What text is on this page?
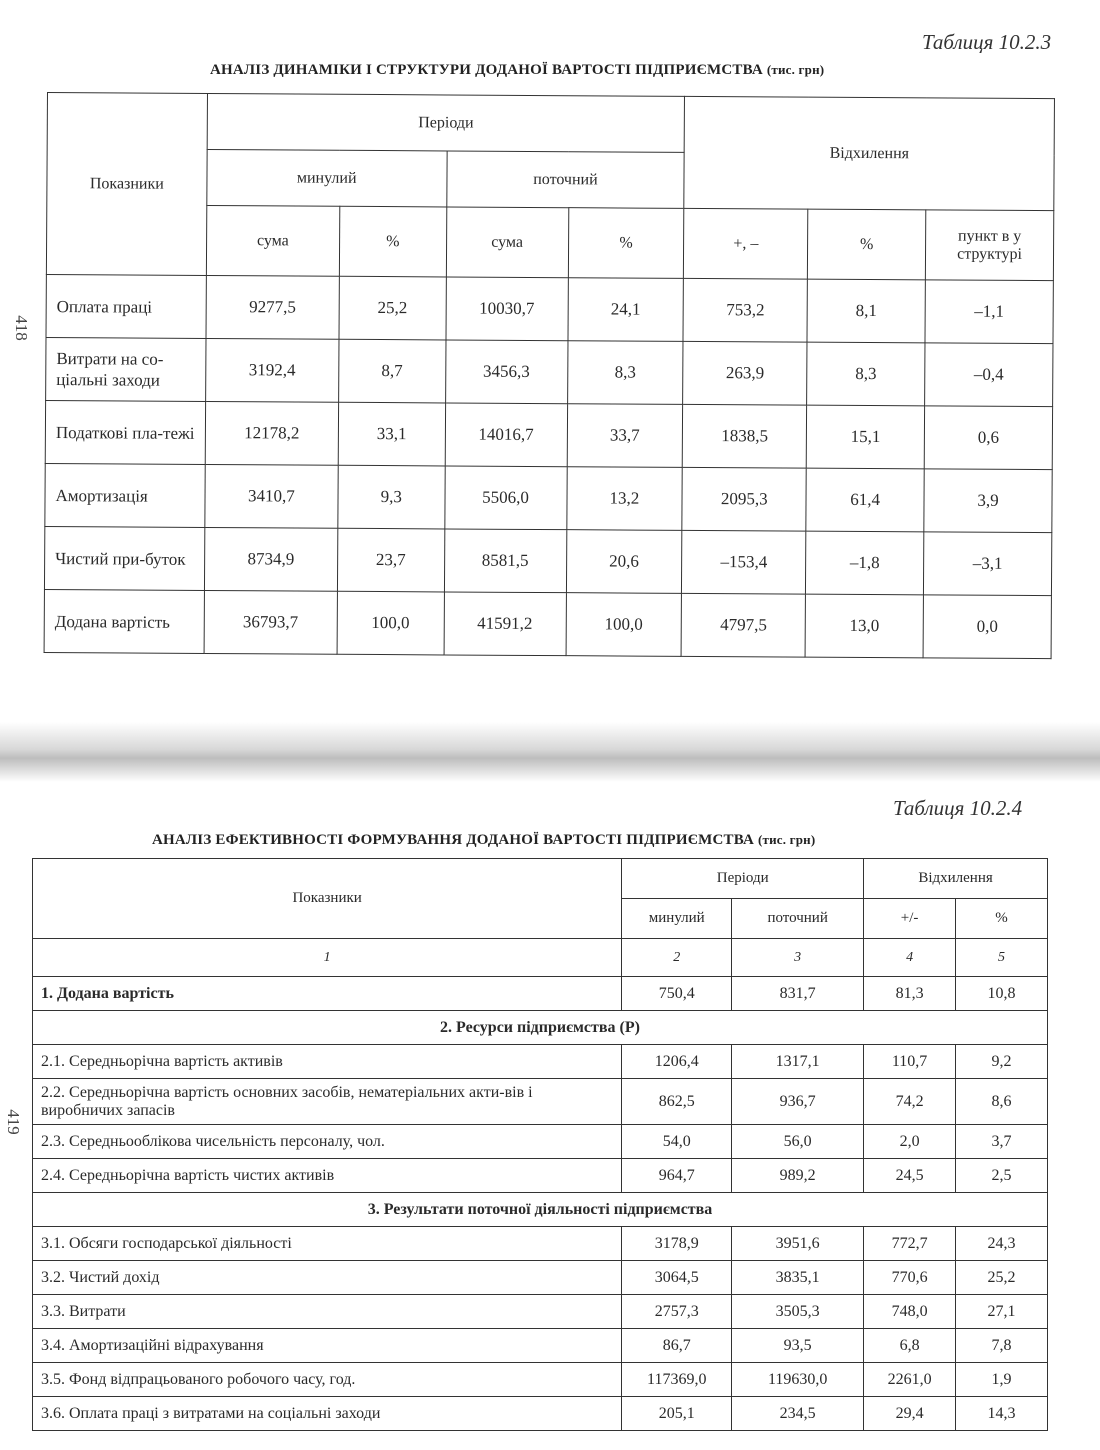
418
419
Таблиця 10.2.3
АНАЛІЗ ДИНАМІКИ І СТРУКТУРИ ДОДАНОЇ ВАРТОСТІ ПІДПРИЄМСТВА (тис. грн)
Показники	Періоди				Відхилення		
	минулий		поточний				
	сума	%	сума	%	+, –	%	пункт в у структурі
Оплата праці	9277,5	25,2	10030,7	24,1	753,2	8,1	–1,1
Витрати на со-ціальні заходи	3192,4	8,7	3456,3	8,3	263,9	8,3	–0,4
Податкові пла-тежі	12178,2	33,1	14016,7	33,7	1838,5	15,1	0,6
Амортизація	3410,7	9,3	5506,0	13,2	2095,3	61,4	3,9
Чистий при-буток	8734,9	23,7	8581,5	20,6	–153,4	–1,8	–3,1
Додана вартість	36793,7	100,0	41591,2	100,0	4797,5	13,0	0,0
Таблиця 10.2.4
АНАЛІЗ ЕФЕКТИВНОСТІ ФОРМУВАННЯ ДОДАНОЇ ВАРТОСТІ ПІДПРИЄМСТВА (тис. грн)
Показники	Періоди		Відхилення	
	минулий	поточний	+/-	%
1	2	3	4	5
1. Додана вартість	750,4	831,7	81,3	10,8
2. Ресурси підприємства (Р)				
2.1. Середньорічна вартість активів	1206,4	1317,1	110,7	9,2
2.2. Середньорічна вартість основних засобів, нематеріальних акти-вів і виробничих запасів	862,5	936,7	74,2	8,6
2.3. Середньооблікова чисельність персоналу, чол.	54,0	56,0	2,0	3,7
2.4. Середньорічна вартість чистих активів	964,7	989,2	24,5	2,5
3. Результати поточної діяльності підприємства				
3.1. Обсяги господарської діяльності	3178,9	3951,6	772,7	24,3
3.2. Чистий дохід	3064,5	3835,1	770,6	25,2
3.3. Витрати	2757,3	3505,3	748,0	27,1
3.4. Амортизаційні відрахування	86,7	93,5	6,8	7,8
3.5. Фонд відпрацьованого робочого часу, год.	117369,0	119630,0	2261,0	1,9
3.6. Оплата праці з витратами на соціальні заходи	205,1	234,5	29,4	14,3
